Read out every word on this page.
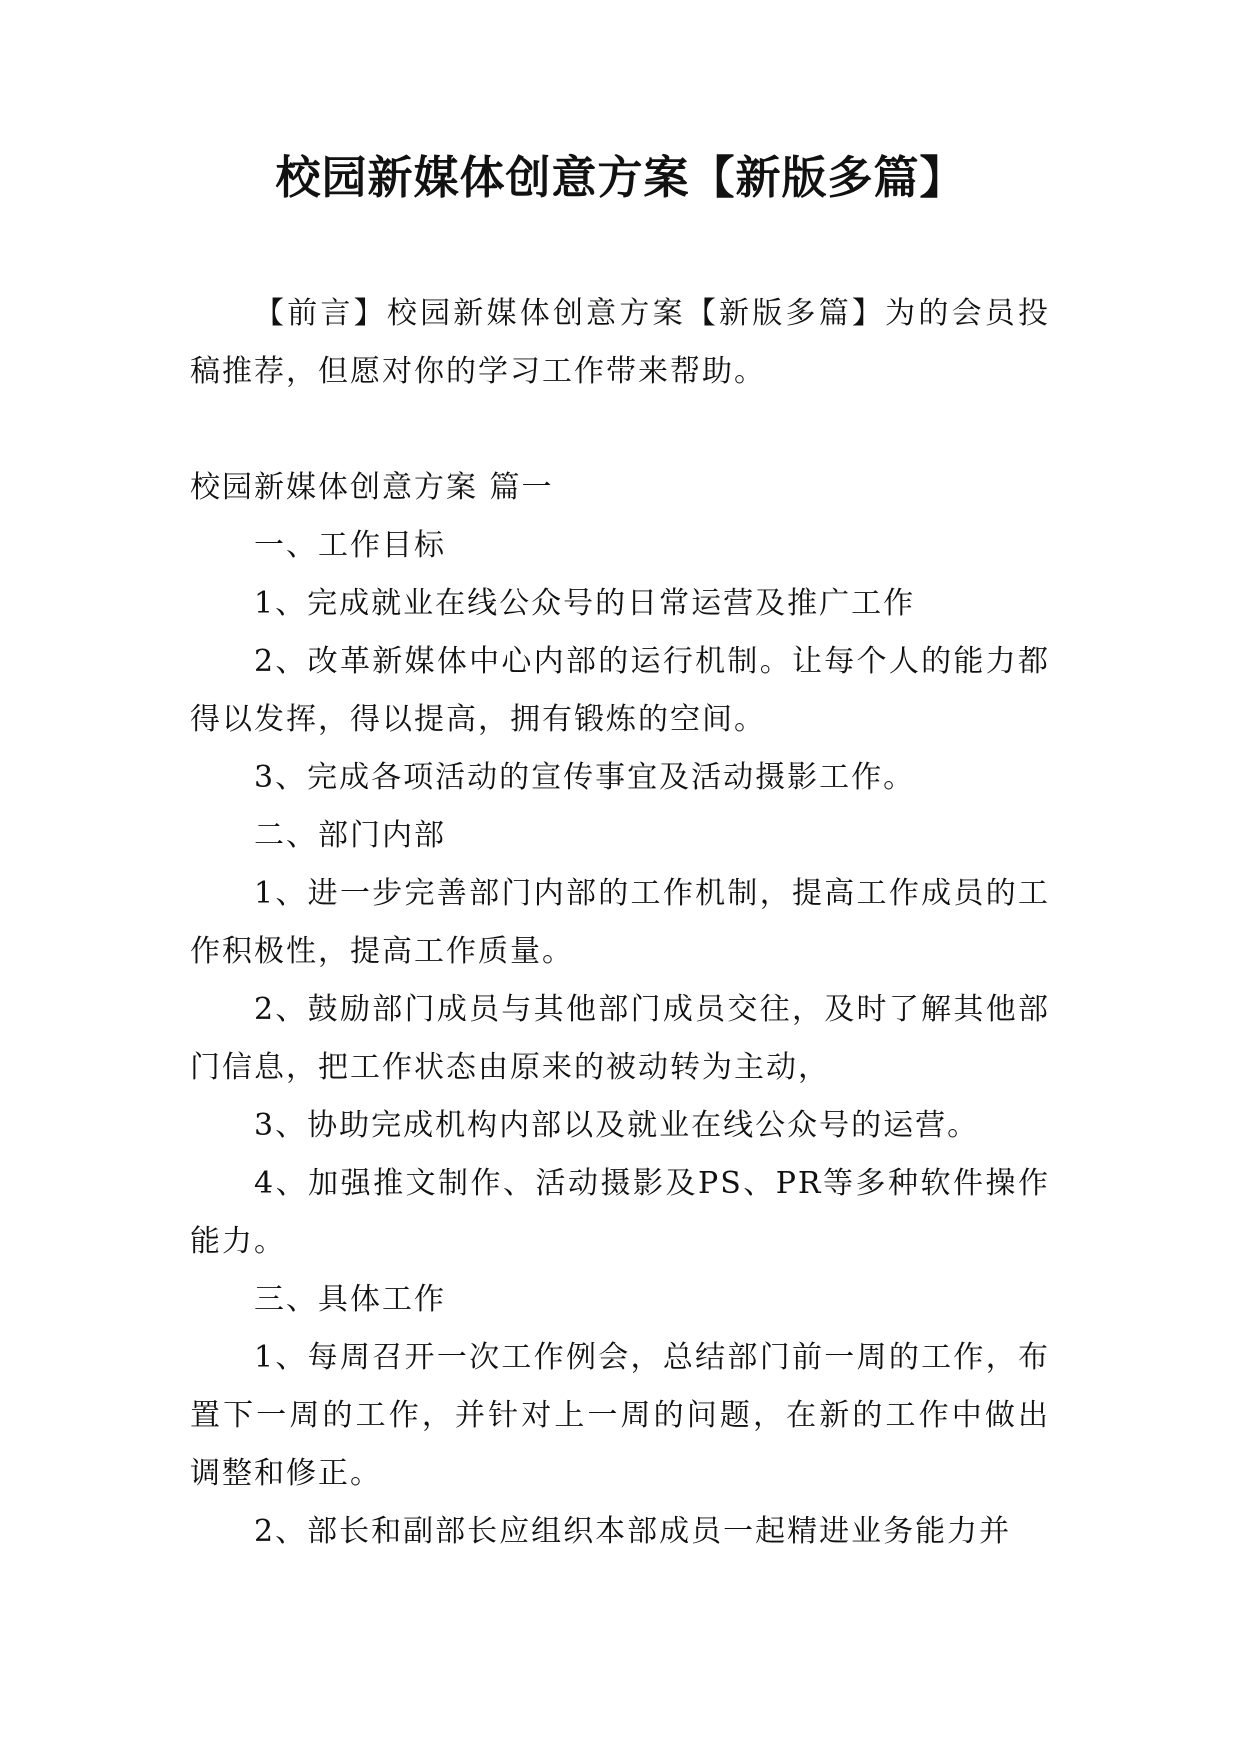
校园新媒体创意方案【新版多篇】

【前言】校园新媒体创意方案【新版多篇】为的会员投稿推荐，但愿对你的学习工作带来帮助。

校园新媒体创意方案 篇一

一、工作目标

1、完成就业在线公众号的日常运营及推广工作

2、改革新媒体中心内部的运行机制。让每个人的能力都得以发挥，得以提高，拥有锻炼的空间。

3、完成各项活动的宣传事宜及活动摄影工作。

二、部门内部

1、进一步完善部门内部的工作机制，提高工作成员的工作积极性，提高工作质量。

2、鼓励部门成员与其他部门成员交往，及时了解其他部门信息，把工作状态由原来的被动转为主动，

3、协助完成机构内部以及就业在线公众号的运营。

4、加强推文制作、活动摄影及PS、PR等多种软件操作能力。

三、具体工作

1、每周召开一次工作例会，总结部门前一周的工作，布置下一周的工作，并针对上一周的问题，在新的工作中做出调整和修正。

2、部长和副部长应组织本部成员一起精进业务能力并
